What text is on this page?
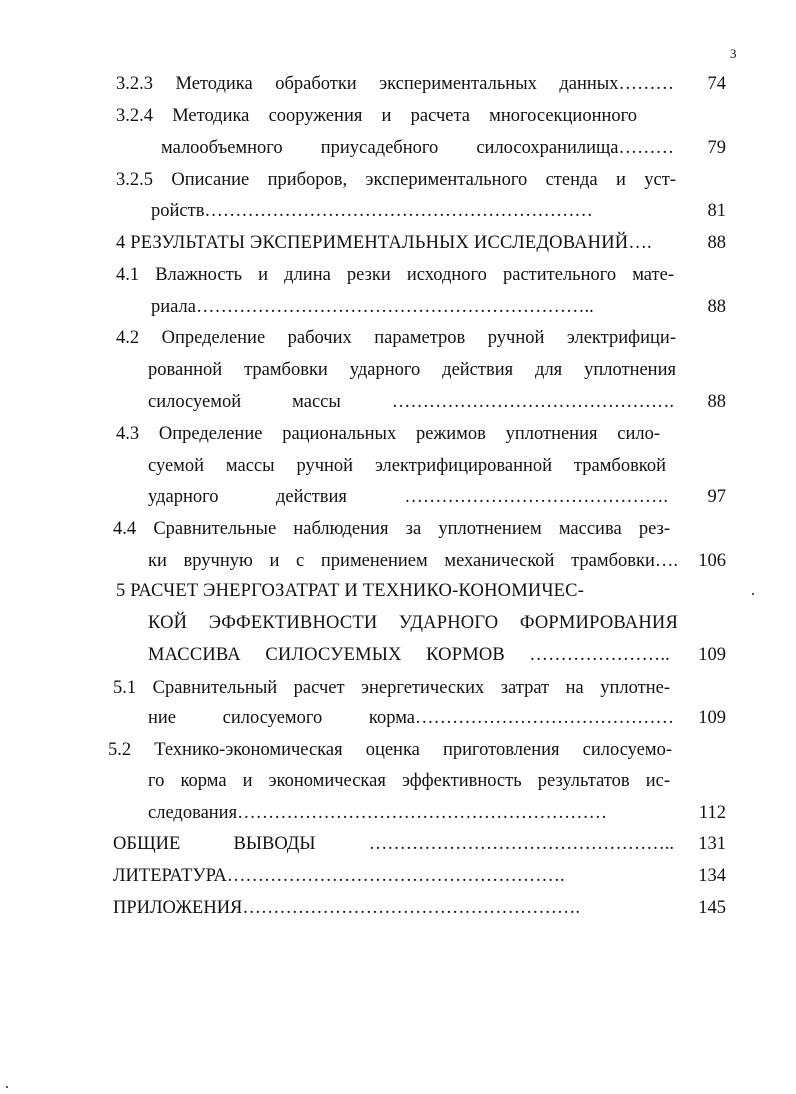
3
3.2.3 Методика обработки экспериментальных данных………	74
3.2.4 Методика сооружения и расчета многосекционного
малообъемного приусадебного силосохранилища………	79
3.2.5 Описание приборов, экспериментального стенда и уст-
ройств………………………………………………………	81
4 РЕЗУЛЬТАТЫ ЭКСПЕРИМЕНТАЛЬНЫХ ИССЛЕДОВАНИЙ….	88
4.1 Влажность и длина резки исходного растительного мате-
риала………………………………………………………..	88
4.2 Определение рабочих параметров ручной электрифици-
рованной трамбовки ударного действия для уплотнения
силосуемой массы ……………………………………….	88
4.3 Определение рациональных режимов уплотнения сило-
суемой массы ручной электрифицированной трамбовкой
ударного действия …………………………………….	97
4.4 Сравнительные наблюдения за уплотнением массива рез-
ки вручную и с применением механической трамбовки….	106
5 РАСЧЕТ ЭНЕРГОЗАТРАТ И ТЕХНИКО-КОНОМИЧЕС-
КОЙ ЭФФЕКТИВНОСТИ УДАРНОГО ФОРМИРОВАНИЯ
МАССИВА СИЛОСУЕМЫХ КОРМОВ …………………..	109
5.1 Сравнительный расчет энергетических затрат на уплотне-
ние силосуемого корма……………………………………	109
5.2 Технико-экономическая оценка приготовления силосуемо-
го корма и экономическая эффективность результатов ис-
следования……………………………………………………	112
ОБЩИЕ ВЫВОДЫ …………………………………………..	131
ЛИТЕРАТУРА……………………………………………….	134
ПРИЛОЖЕНИЯ……………………………………………….	145
